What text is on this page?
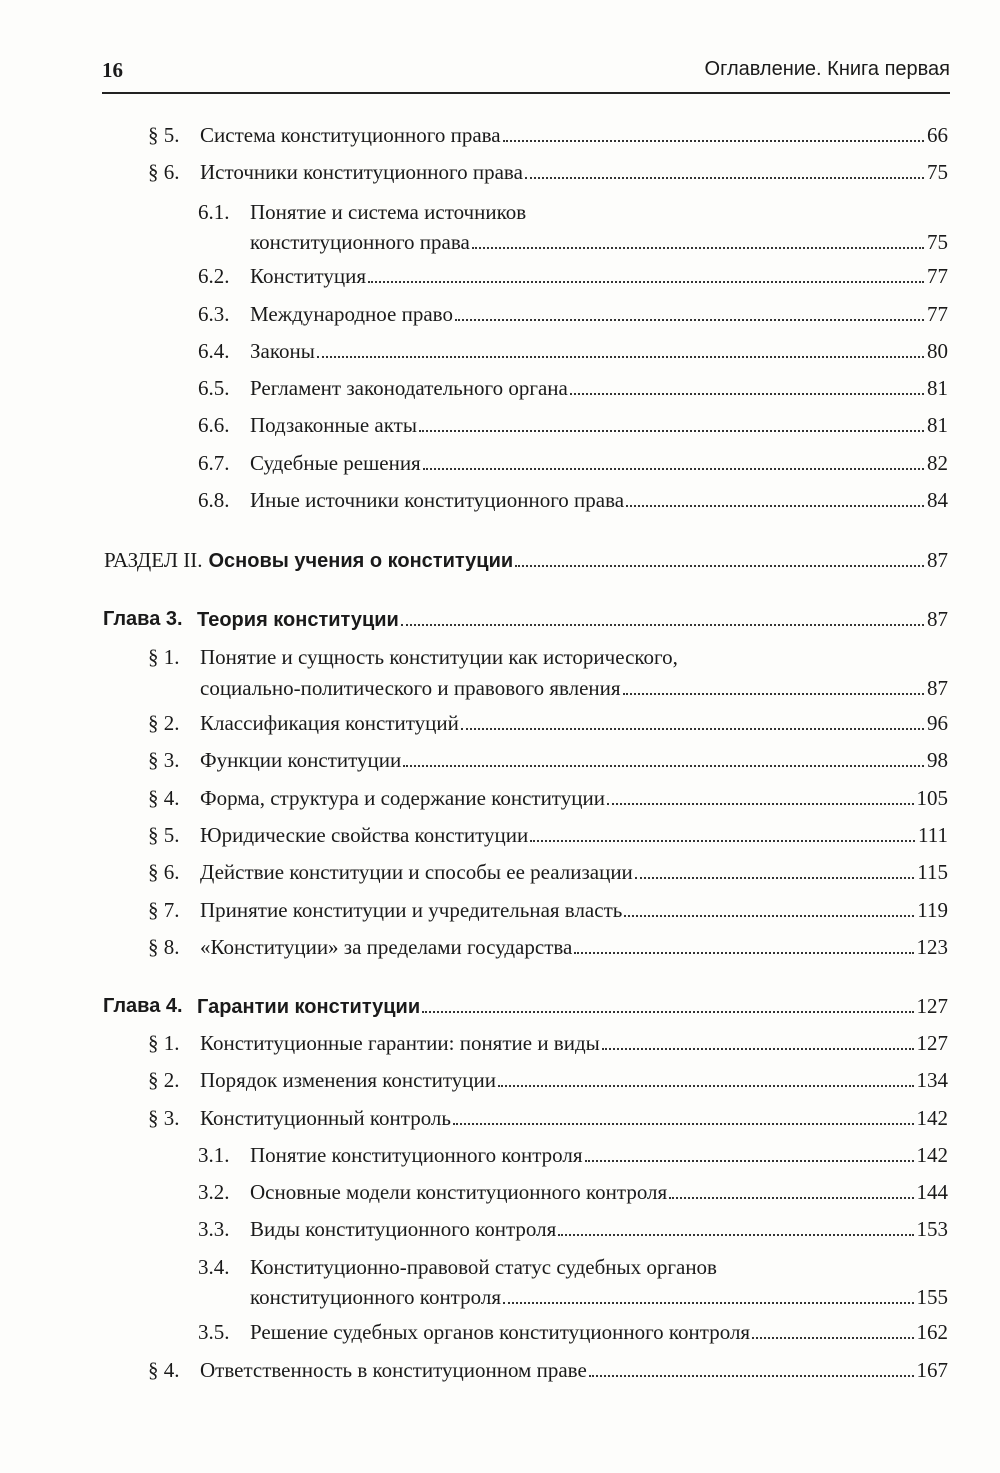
16	Оглавление. Книга первая
§ 5. Система конституционного права	66
§ 6. Источники конституционного права	75
6.1. Понятие и система источников
конституционного права	75
6.2. Конституция	77
6.3. Международное право	77
6.4. Законы	80
6.5. Регламент законодательного органа	81
6.6. Подзаконные акты	81
6.7. Судебные решения	82
6.8. Иные источники конституционного права	84
РАЗДЕЛ II. Основы учения о конституции	87
Глава 3. Теория конституции	87
§ 1. Понятие и сущность конституции как исторического,
социально-политического и правового явления	87
§ 2. Классификация конституций	96
§ 3. Функции конституции	98
§ 4. Форма, структура и содержание конституции	105
§ 5. Юридические свойства конституции	111
§ 6. Действие конституции и способы ее реализации	115
§ 7. Принятие конституции и учредительная власть	119
§ 8. «Конституции» за пределами государства	123
Глава 4. Гарантии конституции	127
§ 1. Конституционные гарантии: понятие и виды	127
§ 2. Порядок изменения конституции	134
§ 3. Конституционный контроль	142
3.1. Понятие конституционного контроля	142
3.2. Основные модели конституционного контроля	144
3.3. Виды конституционного контроля	153
3.4. Конституционно-правовой статус судебных органов
конституционного контроля	155
3.5. Решение судебных органов конституционного контроля	162
§ 4. Ответственность в конституционном праве	167
